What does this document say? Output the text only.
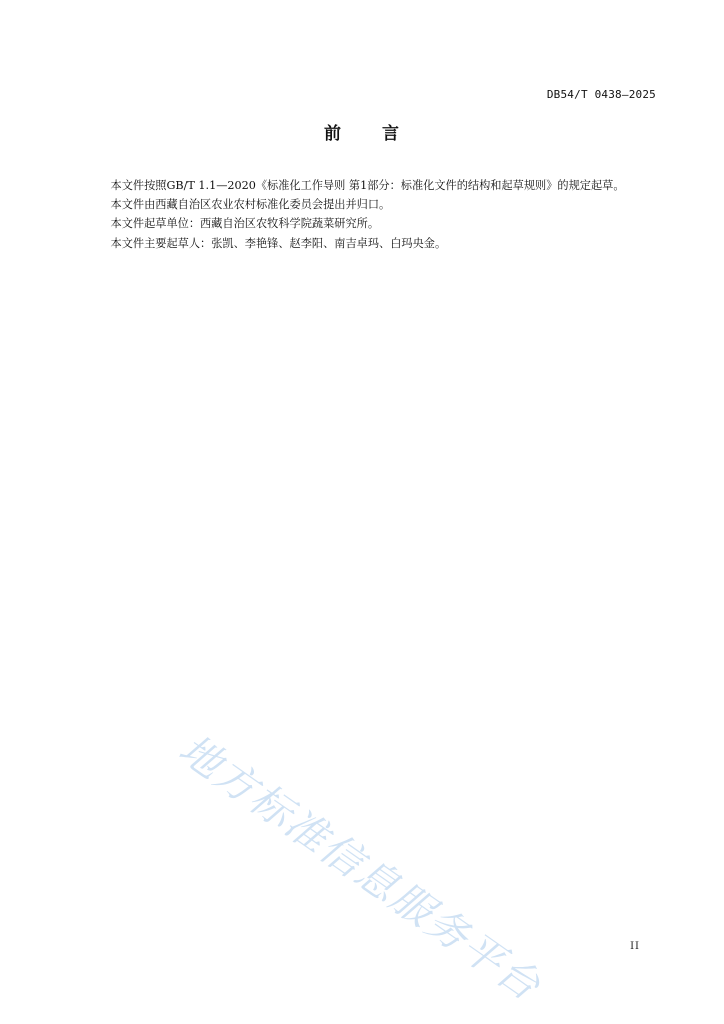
DB54/T 0438—2025
前 言

本文件按照GB/T 1.1—2020《标准化工作导则 第1部分：标准化文件的结构和起草规则》的规定起草。

本文件由西藏自治区农业农村标准化委员会提出并归口。

本文件起草单位：西藏自治区农牧科学院蔬菜研究所。

本文件主要起草人：张凯、李艳锋、赵李阳、南吉卓玛、白玛央金。

地方标准信息服务平台	II
